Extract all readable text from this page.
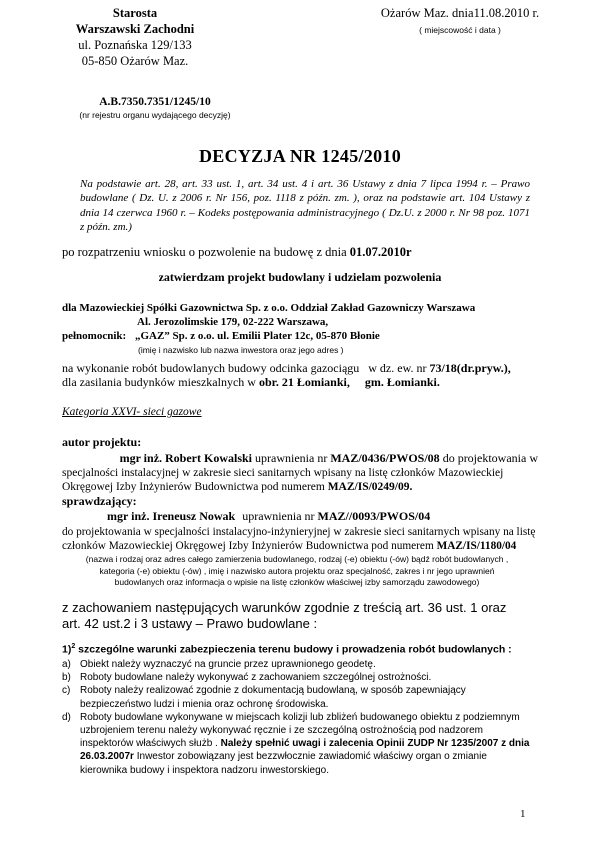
Starosta
Warszawski Zachodni
ul. Poznańska 129/133
05-850 Ożarów Maz.
Ożarów Maz. dnia11.08.2010 r.
( miejscowość i data )
A.B.7350.7351/1245/10
(nr rejestru organu wydającego decyzję)
DECYZJA NR 1245/2010
Na podstawie art. 28, art. 33 ust. 1, art. 34 ust. 4 i art. 36 Ustawy z dnia 7 lipca 1994 r. – Prawo budowlane ( Dz. U. z 2006 r. Nr 156, poz. 1118 z późn. zm. ), oraz na podstawie art. 104 Ustawy z dnia 14 czerwca 1960 r. – Kodeks postępowania administracyjnego ( Dz.U. z 2000 r. Nr 98 poz. 1071 z późn. zm.)
po rozpatrzeniu wniosku o pozwolenie na budowę z dnia 01.07.2010r
zatwierdzam projekt budowlany i udzielam pozwolenia
dla Mazowieckiej Spółki Gazownictwa Sp. z o.o. Oddział Zakład Gazowniczy Warszawa
Al. Jerozolimskie 179, 02-222 Warszawa,
pełnomocnik: „GAZ” Sp. z o.o. ul. Emilii Plater 12c, 05-870 Błonie
(imię i nazwisko lub nazwa inwestora oraz jego adres )
na wykonanie robót budowlanych budowy odcinka gazociągu w dz. ew. nr 73/18(dr.pryw.),
dla zasilania budynków mieszkalnych w obr. 21 Łomianki, gm. Łomianki.
Kategoria XXVI- sieci gazowe
autor projektu:
mgr inż. Robert Kowalski uprawnienia nr MAZ/0436/PWOS/08 do projektowania w
specjalności instalacyjnej w zakresie sieci sanitarnych wpisany na listę członków Mazowieckiej
Okręgowej Izby Inżynierów Budownictwa pod numerem MAZ/IS/0249/09.
sprawdzający:
mgr inż. Ireneusz Nowak uprawnienia nr MAZ//0093/PWOS/04
do projektowania w specjalności instalacyjno-inżynieryjnej w zakresie sieci sanitarnych wpisany na listę
członków Mazowieckiej Okręgowej Izby Inżynierów Budownictwa pod numerem MAZ/IS/1180/04
(nazwa i rodzaj oraz adres całego zamierzenia budowlanego, rodzaj (-e) obiektu (-ów) bądź robót budowlanych ,
kategoria (-e) obiektu (-ów) , imię i nazwisko autora projektu oraz specjalność, zakres i nr jego uprawnień
budowlanych oraz informacja o wpisie na listę członków właściwej izby samorządu zawodowego)
z zachowaniem następujących warunków zgodnie z treścią art. 36 ust. 1 oraz art. 42 ust.2 i 3 ustawy – Prawo budowlane :
1)$^2$ szczególne warunki zabezpieczenia terenu budowy i prowadzenia robót budowlanych :
a) Obiekt należy wyznaczyć na gruncie przez uprawnionego geodetę.
b) Roboty budowlane należy wykonywać z zachowaniem szczególnej ostrożności.
c) Roboty należy realizować zgodnie z dokumentacją budowlaną, w sposób zapewniający bezpieczeństwo ludzi i mienia oraz ochronę środowiska.
d) Roboty budowlane wykonywane w miejscach kolizji lub zbliżeń budowanego obiektu z podziemnym uzbrojeniem terenu należy wykonywać ręcznie i ze szczególną ostrożnością pod nadzorem inspektorów właściwych służb . Należy spełnić uwagi i zalecenia Opinii ZUDP Nr 1235/2007 z dnia 26.03.2007r Inwestor zobowiązany jest bezzwłocznie zawiadomić właściwy organ o zmianie kierownika budowy i inspektora nadzoru inwestorskiego.
1
